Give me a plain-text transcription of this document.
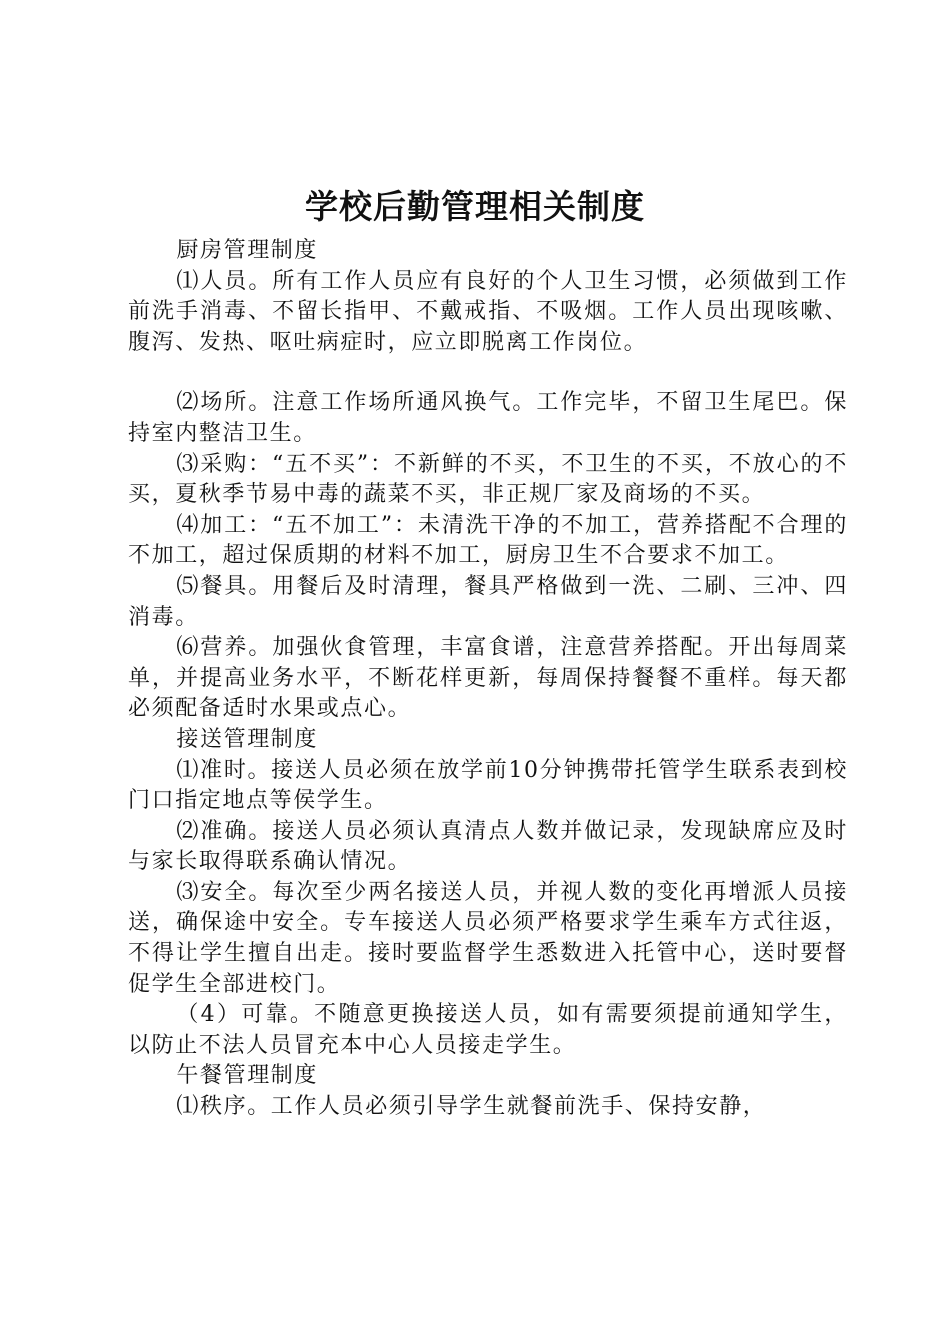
学校后勤管理相关制度

厨房管理制度

⑴人员。所有工作人员应有良好的个人卫生习惯，必须做到工作前洗手消毒、不留长指甲、不戴戒指、不吸烟。工作人员出现咳嗽、腹泻、发热、呕吐病症时，应立即脱离工作岗位。

⑵场所。注意工作场所通风换气。工作完毕，不留卫生尾巴。保持室内整洁卫生。

⑶采购：“五不买”：不新鲜的不买，不卫生的不买，不放心的不买，夏秋季节易中毒的蔬菜不买，非正规厂家及商场的不买。

⑷加工：“五不加工”：未清洗干净的不加工，营养搭配不合理的不加工，超过保质期的材料不加工，厨房卫生不合要求不加工。

⑸餐具。用餐后及时清理，餐具严格做到一洗、二刷、三冲、四消毒。

⑹营养。加强伙食管理，丰富食谱，注意营养搭配。开出每周菜单，并提高业务水平，不断花样更新，每周保持餐餐不重样。每天都必须配备适时水果或点心。

接送管理制度

⑴准时。接送人员必须在放学前10分钟携带托管学生联系表到校门口指定地点等侯学生。

⑵准确。接送人员必须认真清点人数并做记录，发现缺席应及时与家长取得联系确认情况。

⑶安全。每次至少两名接送人员，并视人数的变化再增派人员接送，确保途中安全。专车接送人员必须严格要求学生乘车方式往返，不得让学生擅自出走。接时要监督学生悉数进入托管中心，送时要督促学生全部进校门。

（4）可靠。不随意更换接送人员，如有需要须提前通知学生，以防止不法人员冒充本中心人员接走学生。

午餐管理制度

⑴秩序。工作人员必须引导学生就餐前洗手、保持安静，
